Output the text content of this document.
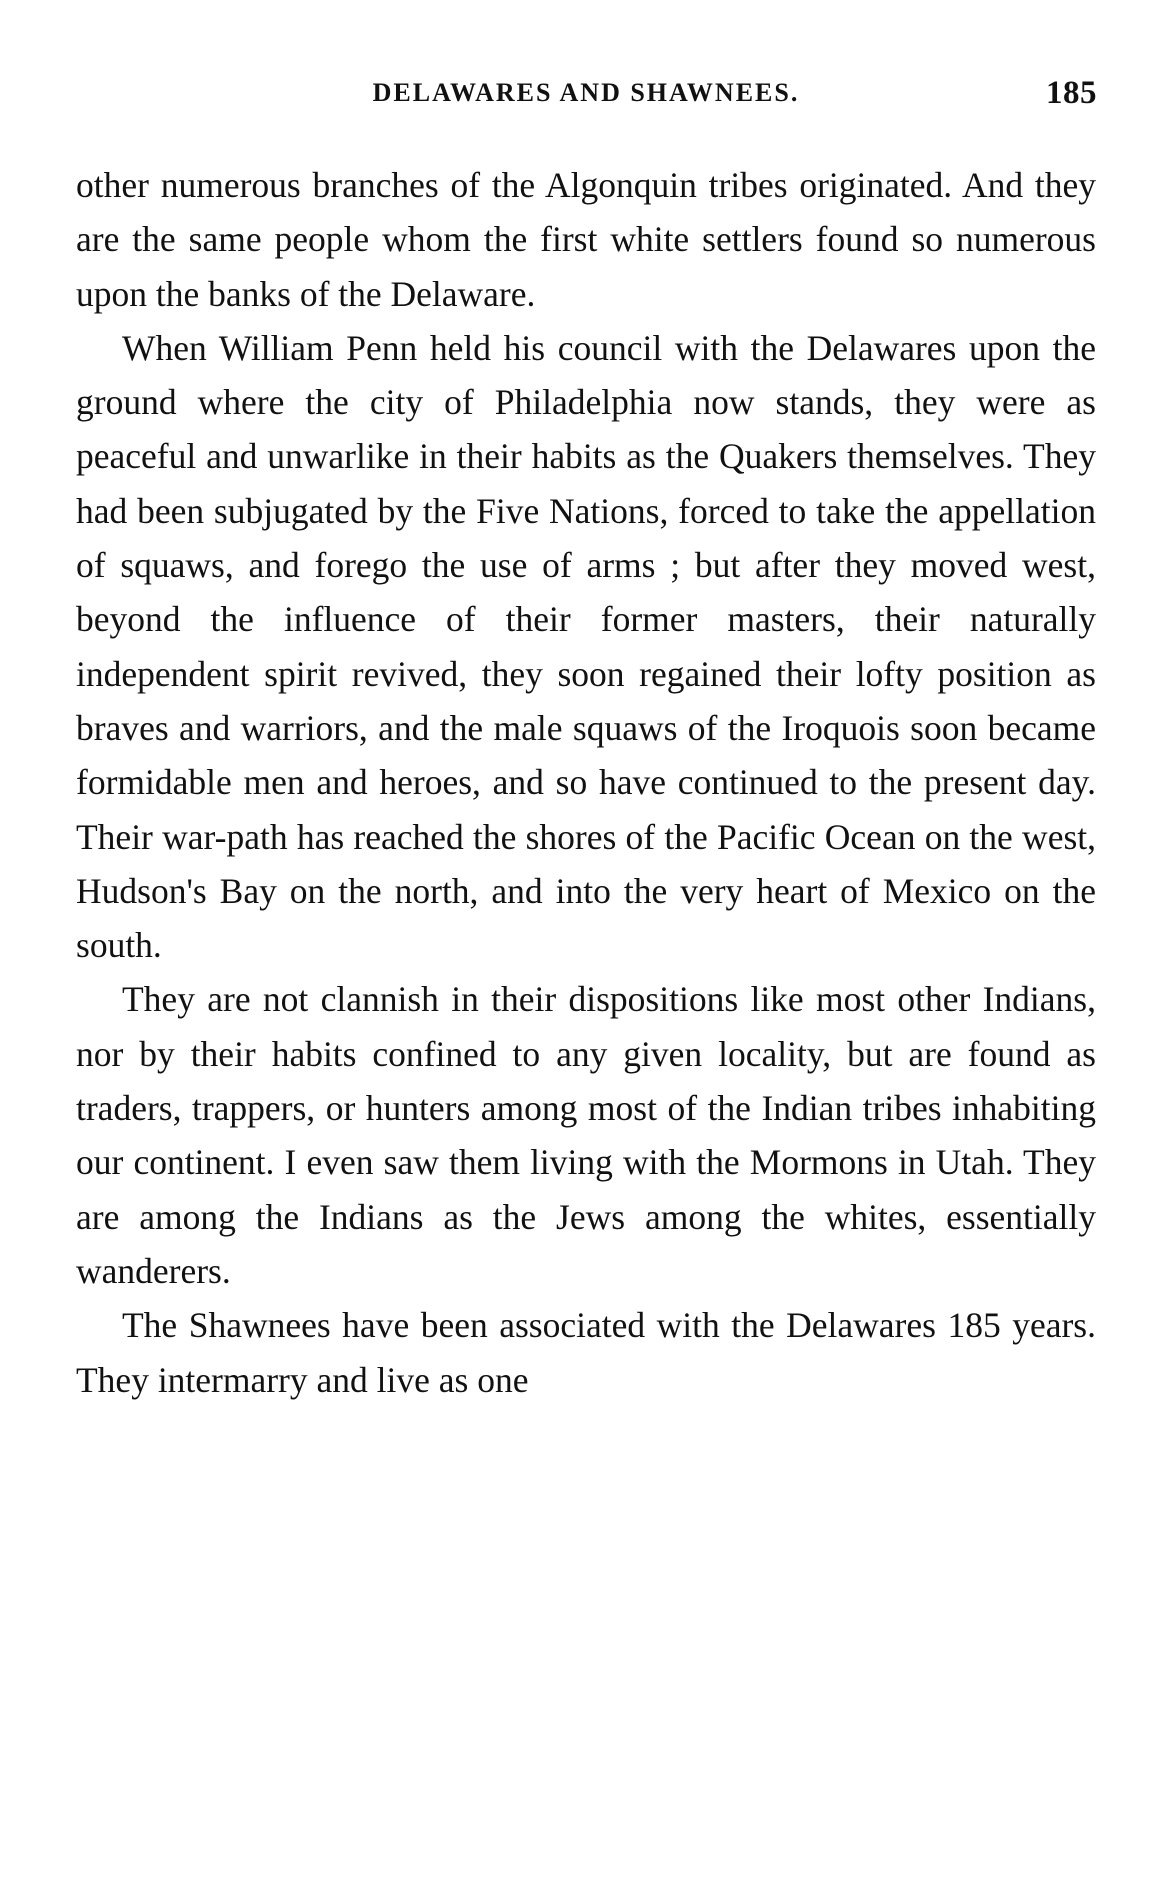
DELAWARES AND SHAWNEES.	185

other numerous branches of the Algonquin tribes originated. And they are the same people whom the first white settlers found so numerous upon the banks of the Delaware.

When William Penn held his council with the Delawares upon the ground where the city of Philadelphia now stands, they were as peaceful and unwarlike in their habits as the Quakers themselves. They had been subjugated by the Five Nations, forced to take the appellation of squaws, and forego the use of arms ; but after they moved west, beyond the influence of their former masters, their naturally independent spirit revived, they soon regained their lofty position as braves and warriors, and the male squaws of the Iroquois soon became formidable men and heroes, and so have continued to the present day. Their war-path has reached the shores of the Pacific Ocean on the west, Hudson's Bay on the north, and into the very heart of Mexico on the south.

They are not clannish in their dispositions like most other Indians, nor by their habits confined to any given locality, but are found as traders, trappers, or hunters among most of the Indian tribes inhabiting our continent. I even saw them living with the Mormons in Utah. They are among the Indians as the Jews among the whites, essentially wanderers.

The Shawnees have been associated with the Delawares 185 years. They intermarry and live as one
